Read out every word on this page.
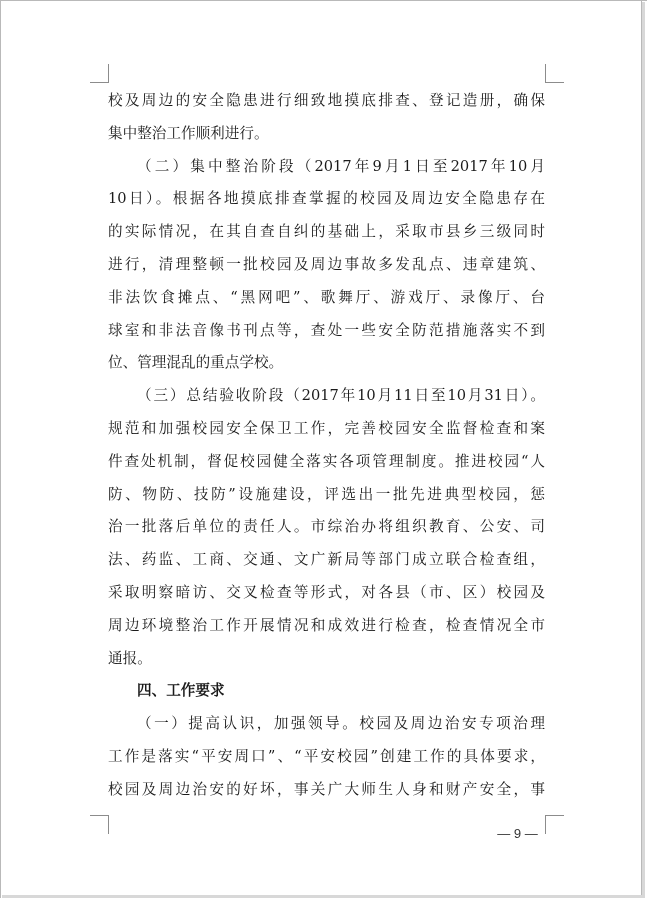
校及周边的安全隐患进行细致地摸底排查、登记造册，确保
集中整治工作顺利进行。
（二）集中整治阶段（2017年9月1日至2017年10月
10日）。根据各地摸底排查掌握的校园及周边安全隐患存在
的实际情况，在其自查自纠的基础上，采取市县乡三级同时
进行，清理整顿一批校园及周边事故多发乱点、违章建筑、
非法饮食摊点、“黑网吧”、歌舞厅、游戏厅、录像厅、台
球室和非法音像书刊点等，查处一些安全防范措施落实不到
位、管理混乱的重点学校。
（三）总结验收阶段（2017年10月11日至10月31日）。
规范和加强校园安全保卫工作，完善校园安全监督检查和案
件查处机制，督促校园健全落实各项管理制度。推进校园“人
防、物防、技防”设施建设，评选出一批先进典型校园，惩
治一批落后单位的责任人。市综治办将组织教育、公安、司
法、药监、工商、交通、文广新局等部门成立联合检查组，
采取明察暗访、交叉检查等形式，对各县（市、区）校园及
周边环境整治工作开展情况和成效进行检查，检查情况全市
通报。
四、工作要求
（一）提高认识，加强领导。校园及周边治安专项治理
工作是落实“平安周口”、“平安校园”创建工作的具体要求，
校园及周边治安的好坏，事关广大师生人身和财产安全，事
— 9 —
